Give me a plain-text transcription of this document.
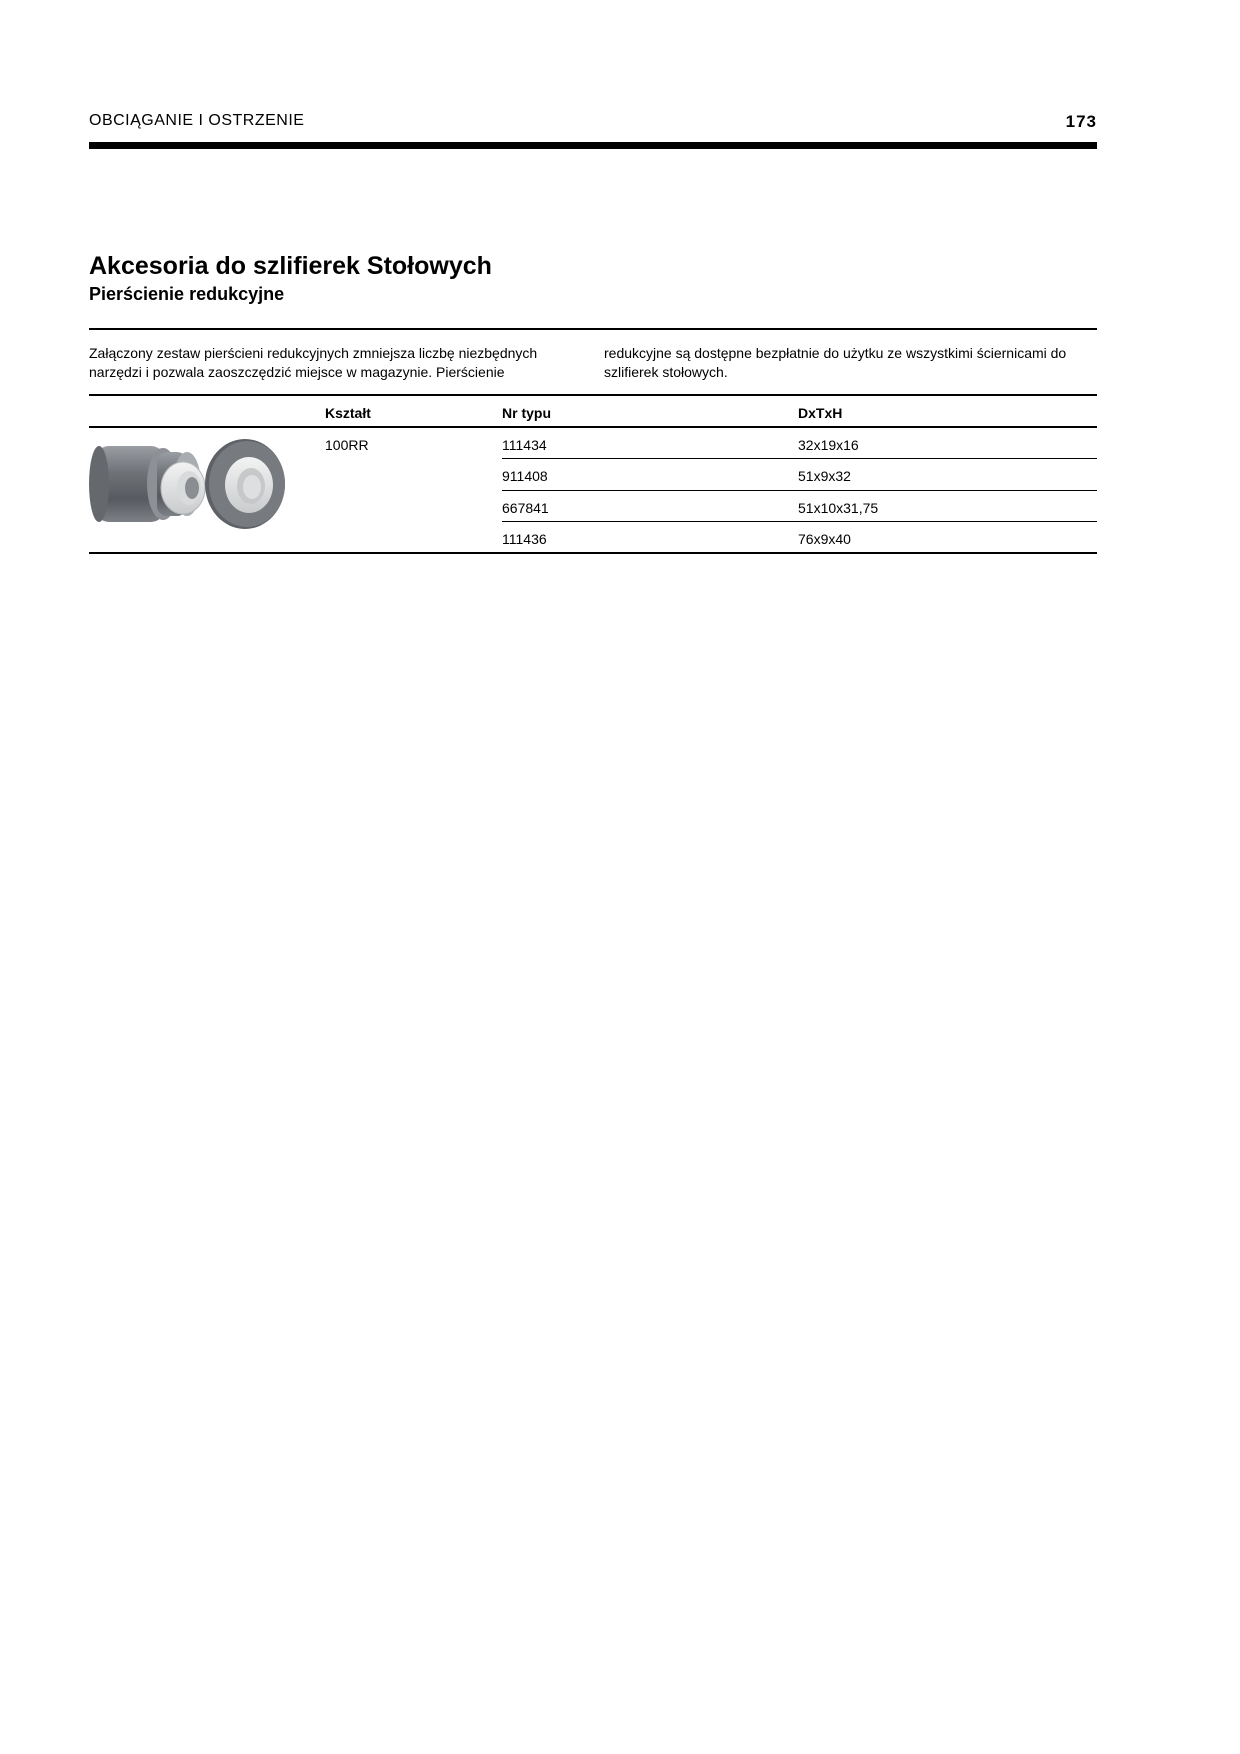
OBCIĄGANIE I OSTRZENIE	173
Akcesoria do szlifierek Stołowych
Pierścienie redukcyjne
Załączony zestaw pierścieni redukcyjnych zmniejsza liczbę niezbędnych narzędzi i pozwala zaoszczędzić miejsce w magazynie. Pierścienie
redukcyjne są dostępne bezpłatnie do użytku ze wszystkimi ściernicami do szlifierek stołowych.
Kształt	Nr typu	DxTxH
100RR	111434	32x19x16
911408	51x9x32
667841	51x10x31,75
111436	76x9x40
